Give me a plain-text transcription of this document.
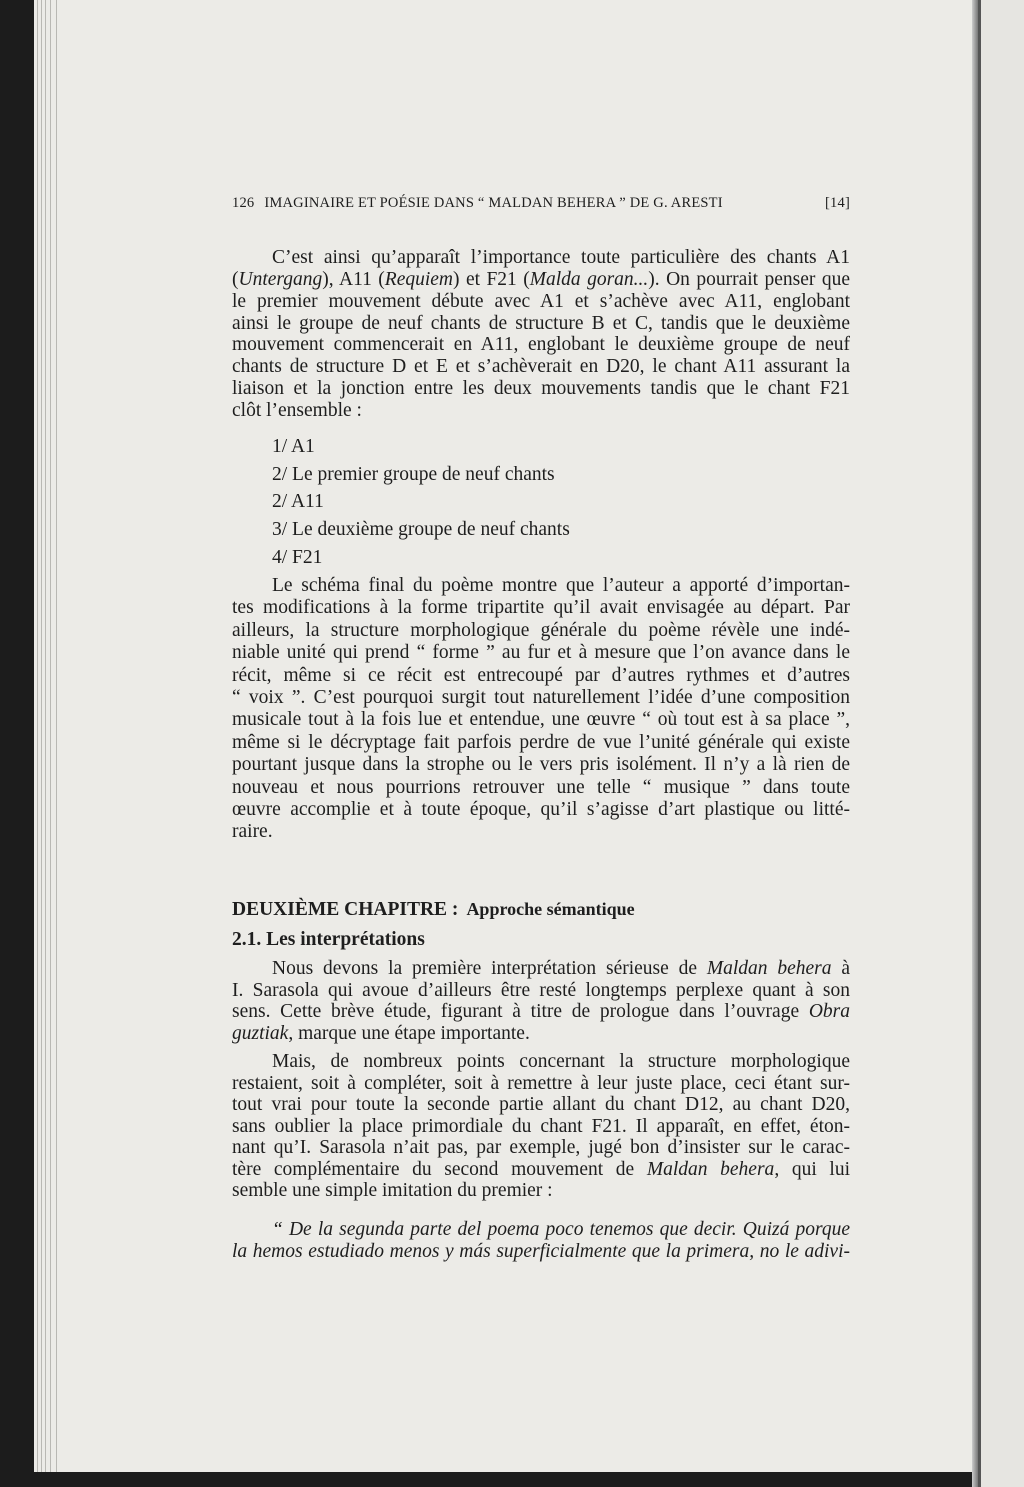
126 IMAGINAIRE ET POÉSIE DANS “ MALDAN BEHERA ” DE G. ARESTI	[14]
C’est ainsi qu’apparaît l’importance toute particulière des chants A1
(Untergang), A11 (Requiem) et F21 (Malda goran...). On pourrait penser que
le premier mouvement débute avec A1 et s’achève avec A11, englobant
ainsi le groupe de neuf chants de structure B et C, tandis que le deuxième
mouvement commencerait en A11, englobant le deuxième groupe de neuf
chants de structure D et E et s’achèverait en D20, le chant A11 assurant la
liaison et la jonction entre les deux mouvements tandis que le chant F21
clôt l’ensemble :
1/ A1
2/ Le premier groupe de neuf chants
2/ A11
3/ Le deuxième groupe de neuf chants
4/ F21
Le schéma final du poème montre que l’auteur a apporté d’importan-
tes modifications à la forme tripartite qu’il avait envisagée au départ. Par
ailleurs, la structure morphologique générale du poème révèle une indé-
niable unité qui prend “ forme ” au fur et à mesure que l’on avance dans le
récit, même si ce récit est entrecoupé par d’autres rythmes et d’autres
“ voix ”. C’est pourquoi surgit tout naturellement l’idée d’une composition
musicale tout à la fois lue et entendue, une œuvre “ où tout est à sa place ”,
même si le décryptage fait parfois perdre de vue l’unité générale qui existe
pourtant jusque dans la strophe ou le vers pris isolément. Il n’y a là rien de
nouveau et nous pourrions retrouver une telle “ musique ” dans toute
œuvre accomplie et à toute époque, qu’il s’agisse d’art plastique ou litté-
raire.
DEUXIÈME CHAPITRE : Approche sémantique
2.1. Les interprétations
Nous devons la première interprétation sérieuse de Maldan behera à
I. Sarasola qui avoue d’ailleurs être resté longtemps perplexe quant à son
sens. Cette brève étude, figurant à titre de prologue dans l’ouvrage Obra
guztiak, marque une étape importante.
Mais, de nombreux points concernant la structure morphologique
restaient, soit à compléter, soit à remettre à leur juste place, ceci étant sur-
tout vrai pour toute la seconde partie allant du chant D12, au chant D20,
sans oublier la place primordiale du chant F21. Il apparaît, en effet, éton-
nant qu’I. Sarasola n’ait pas, par exemple, jugé bon d’insister sur le carac-
tère complémentaire du second mouvement de Maldan behera, qui lui
semble une simple imitation du premier :
“ De la segunda parte del poema poco tenemos que decir. Quizá porque
la hemos estudiado menos y más superficialmente que la primera, no le adivi-
